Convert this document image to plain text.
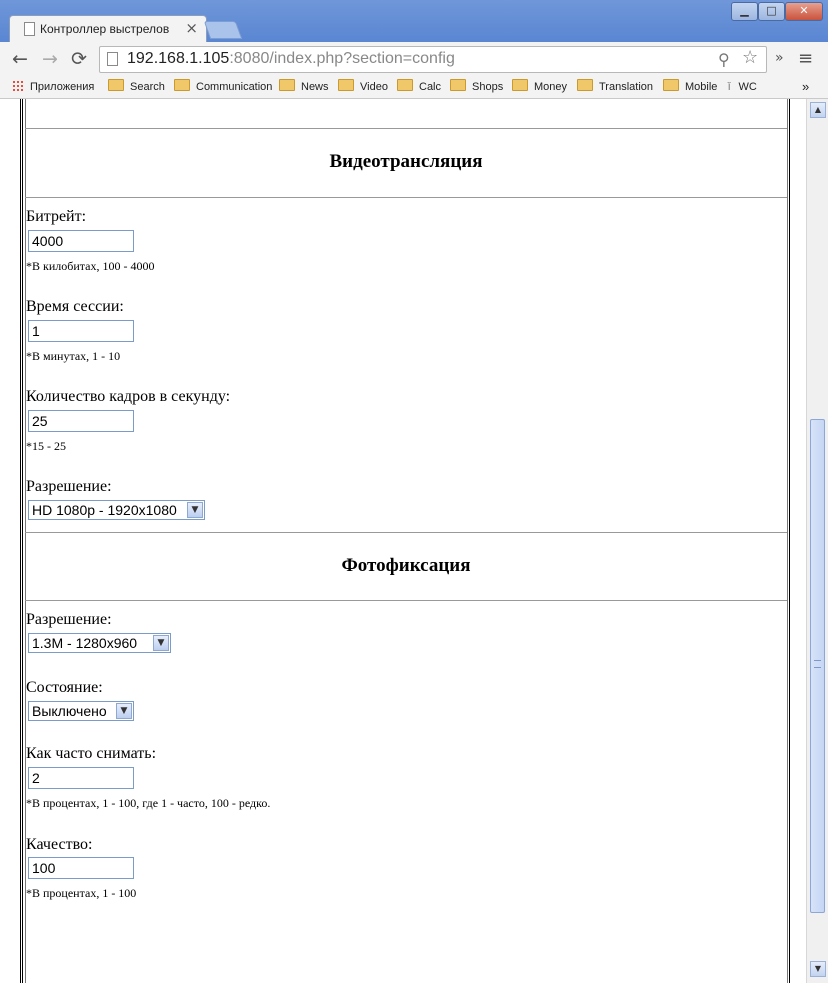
Контроллер выстрелов ×
▁	□	✕
← → ⟳	» ≡
192.168.1.105:8080/index.php?section=config	⚲ ☆
Приложения	Search	Communication	News	Video	Calc	Shops	Money	Translation	Mobile ǐ WC	»
Видеотрансляция
Битрейт:
4000
*В килобитах, 100 - 4000
Время сессии:
1
*В минутах, 1 - 10
Количество кадров в секунду:
25
*15 - 25
Разрешение:
HD 1080p - 1920x1080	▼
Фотофиксация
Разрешение:
1.3M - 1280x960	▼
Состояние:
Выключено	▼
Как часто снимать:
2
*В процентах, 1 - 100, где 1 - часто, 100 - редко.
Качество:
100
*В процентах, 1 - 100
▲
▼
